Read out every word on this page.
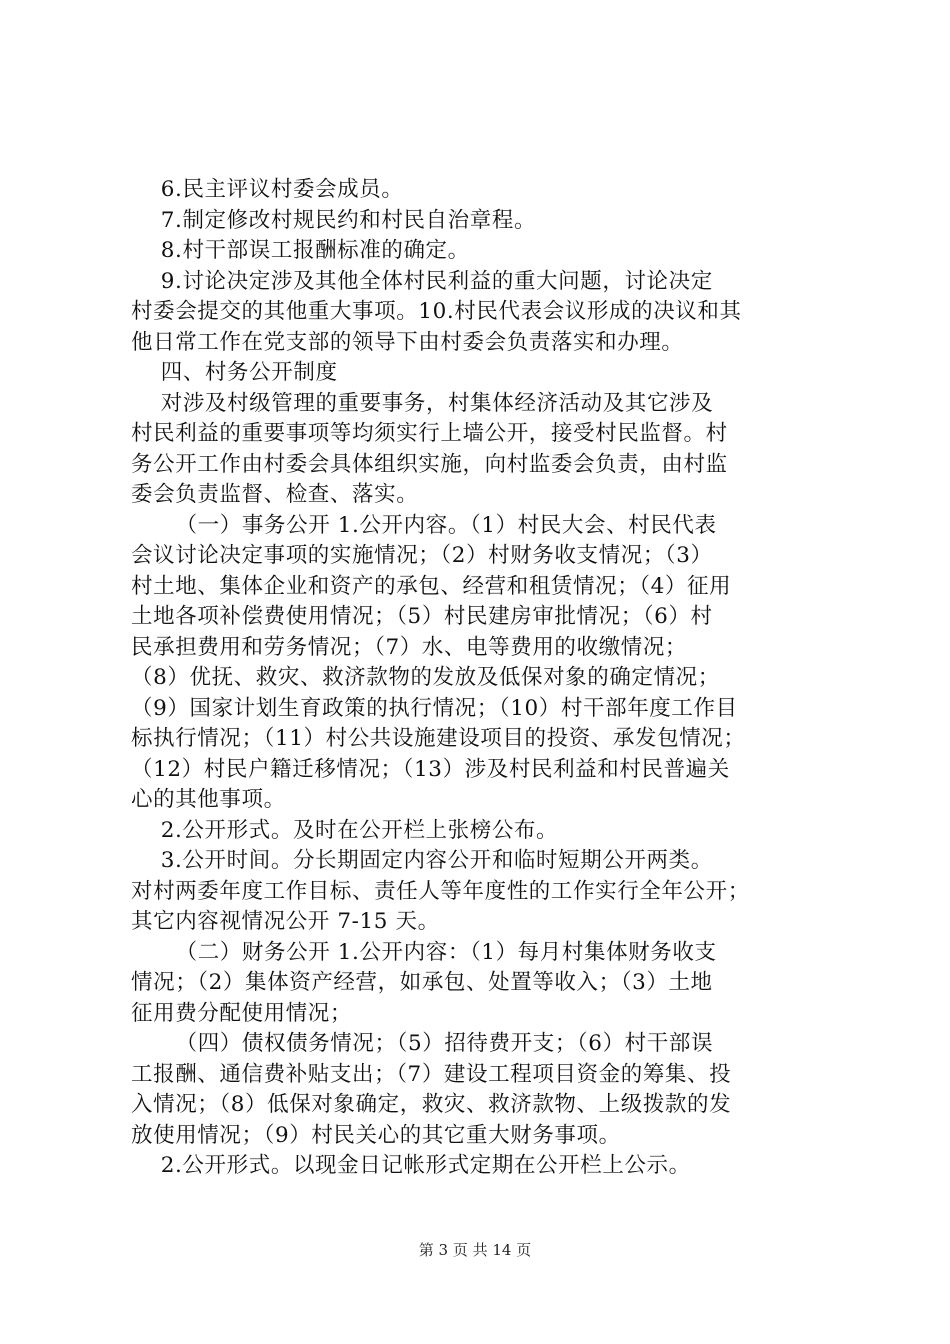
6.民主评议村委会成员。
7.制定修改村规民约和村民自治章程。
8.村干部误工报酬标准的确定。
9.讨论决定涉及其他全体村民利益的重大问题，讨论决定
村委会提交的其他重大事项。10.村民代表会议形成的决议和其
他日常工作在党支部的领导下由村委会负责落实和办理。
四、村务公开制度
对涉及村级管理的重要事务，村集体经济活动及其它涉及
村民利益的重要事项等均须实行上墙公开，接受村民监督。村
务公开工作由村委会具体组织实施，向村监委会负责，由村监
委会负责监督、检查、落实。
（一）事务公开 1.公开内容。（1）村民大会、村民代表
会议讨论决定事项的实施情况；（2）村财务收支情况；（3）
村土地、集体企业和资产的承包、经营和租赁情况；（4）征用
土地各项补偿费使用情况；（5）村民建房审批情况；（6）村
民承担费用和劳务情况；（7）水、电等费用的收缴情况；
（8）优抚、救灾、救济款物的发放及低保对象的确定情况；
（9）国家计划生育政策的执行情况；（10）村干部年度工作目
标执行情况；（11）村公共设施建设项目的投资、承发包情况；
（12）村民户籍迁移情况；（13）涉及村民利益和村民普遍关
心的其他事项。
2.公开形式。及时在公开栏上张榜公布。
3.公开时间。分长期固定内容公开和临时短期公开两类。
对村两委年度工作目标、责任人等年度性的工作实行全年公开；
其它内容视情况公开 7-15 天。
（二）财务公开 1.公开内容：（1）每月村集体财务收支
情况；（2）集体资产经营，如承包、处置等收入；（3）土地
征用费分配使用情况；
（四）债权债务情况；（5）招待费开支；（6）村干部误
工报酬、通信费补贴支出；（7）建设工程项目资金的筹集、投
入情况；（8）低保对象确定，救灾、救济款物、上级拨款的发
放使用情况；（9）村民关心的其它重大财务事项。
2.公开形式。以现金日记帐形式定期在公开栏上公示。
第 3 页 共 14 页
